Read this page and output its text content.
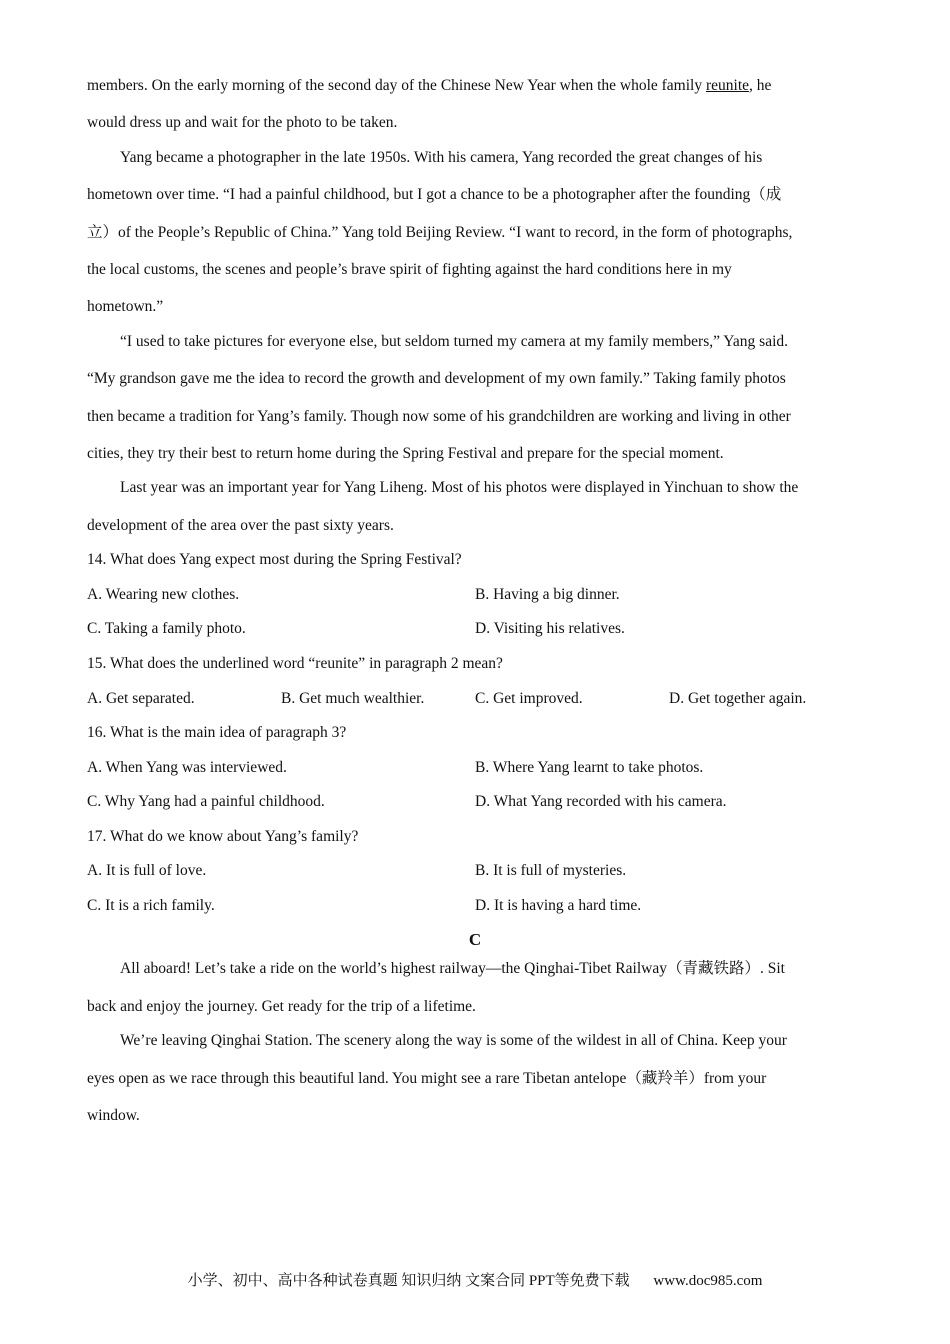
members. On the early morning of the second day of the Chinese New Year when the whole family reunite, he
would dress up and wait for the photo to be taken.
Yang became a photographer in the late 1950s. With his camera, Yang recorded the great changes of his
hometown over time. “I had a painful childhood, but I got a chance to be a photographer after the founding（成
立）of the People’s Republic of China.” Yang told Beijing Review. “I want to record, in the form of photographs,
the local customs, the scenes and people’s brave spirit of fighting against the hard conditions here in my
hometown.”
“I used to take pictures for everyone else, but seldom turned my camera at my family members,” Yang said.
“My grandson gave me the idea to record the growth and development of my own family.” Taking family photos
then became a tradition for Yang’s family. Though now some of his grandchildren are working and living in other
cities, they try their best to return home during the Spring Festival and prepare for the special moment.
Last year was an important year for Yang Liheng. Most of his photos were displayed in Yinchuan to show the
development of the area over the past sixty years.
14. What does Yang expect most during the Spring Festival?
A. Wearing new clothes.	B. Having a big dinner.
C. Taking a family photo.	D. Visiting his relatives.
15. What does the underlined word “reunite” in paragraph 2 mean?
A. Get separated.	B. Get much wealthier.	C. Get improved.	D. Get together again.
16. What is the main idea of paragraph 3?
A. When Yang was interviewed.	B. Where Yang learnt to take photos.
C. Why Yang had a painful childhood.	D. What Yang recorded with his camera.
17. What do we know about Yang’s family?
A. It is full of love.	B. It is full of mysteries.
C. It is a rich family.	D. It is having a hard time.
C
All aboard! Let’s take a ride on the world’s highest railway—the Qinghai-Tibet Railway（青藏铁路）. Sit
back and enjoy the journey. Get ready for the trip of a lifetime.
We’re leaving Qinghai Station. The scenery along the way is some of the wildest in all of China. Keep your
eyes open as we race through this beautiful land. You might see a rare Tibetan antelope（藏羚羊）from your
window.
小学、初中、高中各种试卷真题 知识归纳 文案合同 PPT等免费下载 www.doc985.com
